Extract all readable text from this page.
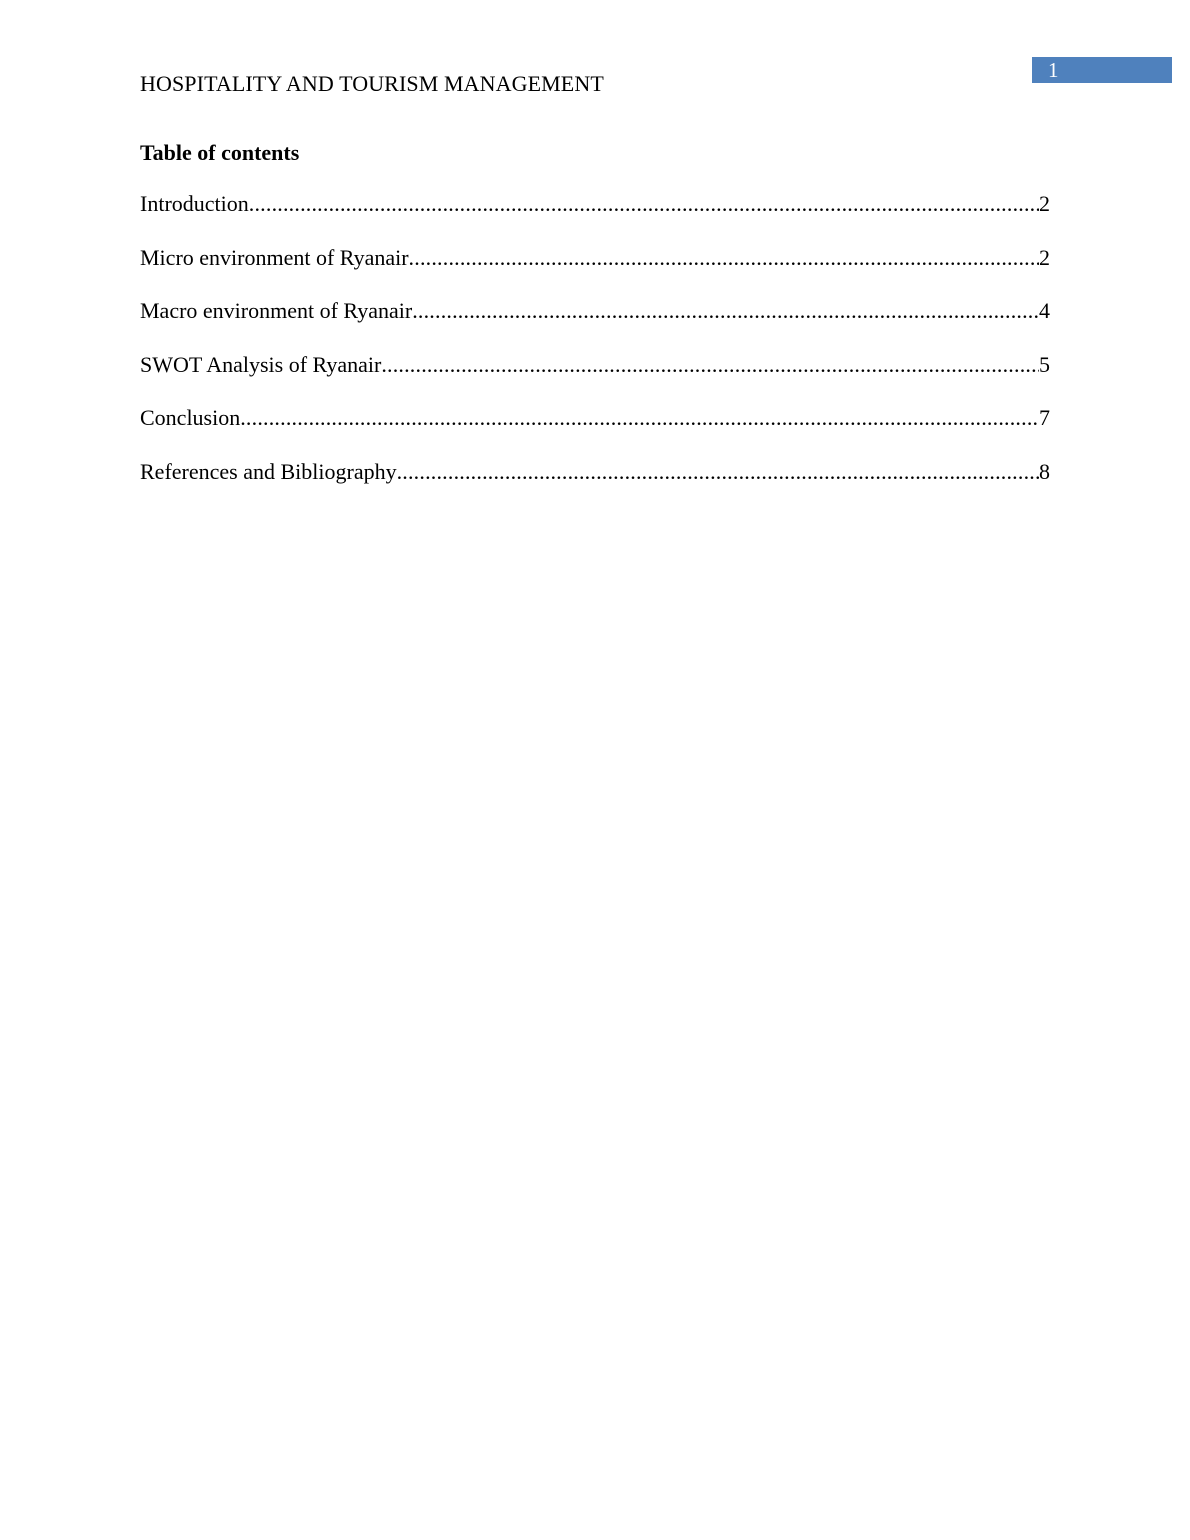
1
HOSPITALITY AND TOURISM MANAGEMENT
Table of contents
Introduction .....	2
Micro environment of Ryanair .....	2
Macro environment of Ryanair .....	4
SWOT Analysis of Ryanair .....	5
Conclusion .....	7
References and Bibliography .....	8
